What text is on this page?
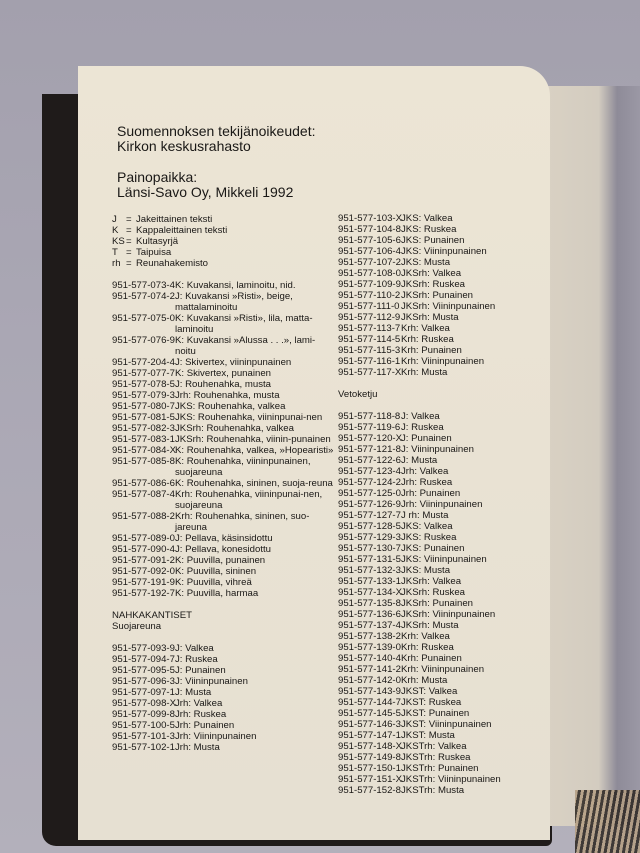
Suomennoksen tekijänoikeudet:

Kirkon keskusrahasto

Painopaikka:

Länsi-Savo Oy, Mikkeli 1992

J = Jakeittainen teksti
K = Kappaleittainen teksti
KS = Kultasyrjä
T = Taipuisa
rh = Reunahakemisto
951-577-073-4 K: Kuvakansi, laminoitu, nid.
951-577-074-2 J: Kuvakansi »Risti», beige, mattalaminoitu
951-577-075-0 K: Kuvakansi »Risti», lila, matta-laminoitu
951-577-076-9 K: Kuvakansi »Alussa . . .», lami-noitu
951-577-204-4 J: Skivertex, viininpunainen
951-577-077-7 K: Skivertex, punainen
951-577-078-5 J: Rouhenahka, musta
951-577-079-3 Jrh: Rouhenahka, musta
951-577-080-7 JKS: Rouhenahka, valkea
951-577-081-5 JKS: Rouhenahka, viininpunai-nen
951-577-082-3 JKSrh: Rouhenahka, valkea
951-577-083-1 JKSrh: Rouhenahka, viinin-punainen
951-577-084-X
K: Rouhenahka, valkea, »Hopearisti»
951-577-085-8 K: Rouhenahka, viininpunainen, suojareuna
951-577-086-6 K: Rouhenahka, sininen, suoja-reuna
951-577-087-4 Krh: Rouhenahka, viininpunai-nen, suojareuna
951-577-088-2 Krh: Rouhenahka, sininen, suo-jareuna
951-577-089-0 J: Pellava, käsinsidottu
951-577-090-4 J: Pellava, konesidottu
951-577-091-2 K: Puuvilla, punainen
951-577-092-0 K: Puuvilla, sininen
951-577-191-9 K: Puuvilla, vihreä
951-577-192-7 K: Puuvilla, harmaa

NAHKAKANTISET

Suojareuna

951-577-093-9 J: Valkea
951-577-094-7 J: Ruskea
951-577-095-5 J: Punainen
951-577-096-3 J: Viininpunainen
951-577-097-1 J: Musta
951-577-098-X
Jrh: Valkea
951-577-099-8 Jrh: Ruskea
951-577-100-5 Jrh: Punainen
951-577-101-3 Jrh: Viininpunainen
951-577-102-1 Jrh: Musta
951-577-103-X
JKS: Valkea
951-577-104-8 JKS: Ruskea
951-577-105-6 JKS: Punainen
951-577-106-4 JKS: Viininpunainen
951-577-107-2 JKS: Musta
951-577-108-0 JKSrh: Valkea
951-577-109-9 JKSrh: Ruskea
951-577-110-2 JKSrh: Punainen
951-577-111-0 JKSrh: Viininpunainen
951-577-112-9 JKSrh: Musta
951-577-113-7 Krh: Valkea
951-577-114-5 Krh: Ruskea
951-577-115-3 Krh: Punainen
951-577-116-1 Krh: Viininpunainen
951-577-117-X Krh: Musta

Vetoketju

951-577-118-8 J: Valkea
951-577-119-6 J: Ruskea
951-577-120-X
J: Punainen
951-577-121-8 J: Viininpunainen
951-577-122-6 J: Musta
951-577-123-4 Jrh: Valkea
951-577-124-2 Jrh: Ruskea
951-577-125-0 Jrh: Punainen
951-577-126-9 Jrh: Viininpunainen
951-577-127-7 J rh: Musta
951-577-128-5 JKS: Valkea
951-577-129-3 JKS: Ruskea
951-577-130-7 JKS: Punainen
951-577-131-5 JKS: Viininpunainen
951-577-132-3 JKS: Musta
951-577-133-1 JKSrh: Valkea
951-577-134-X
JKSrh: Ruskea
951-577-135-8 JKSrh: Punainen
951-577-136-6 JKSrh: Viininpunainen
951-577-137-4 JKSrh: Musta
951-577-138-2 Krh: Valkea
951-577-139-0 Krh: Ruskea
951-577-140-4 Krh: Punainen
951-577-141-2 Krh: Viininpunainen
951-577-142-0 Krh: Musta
951-577-143-9 JKST: Valkea
951-577-144-7 JKST: Ruskea
951-577-145-5 JKST: Punainen
951-577-146-3 JKST: Viininpunainen
951-577-147-1 JKST: Musta
951-577-148-X
JKSTrh: Valkea
951-577-149-8 JKSTrh: Ruskea
951-577-150-1 JKSTrh: Punainen
951-577-151-X
JKSTrh: Viininpunainen
951-577-152-8 JKSTrh: Musta
